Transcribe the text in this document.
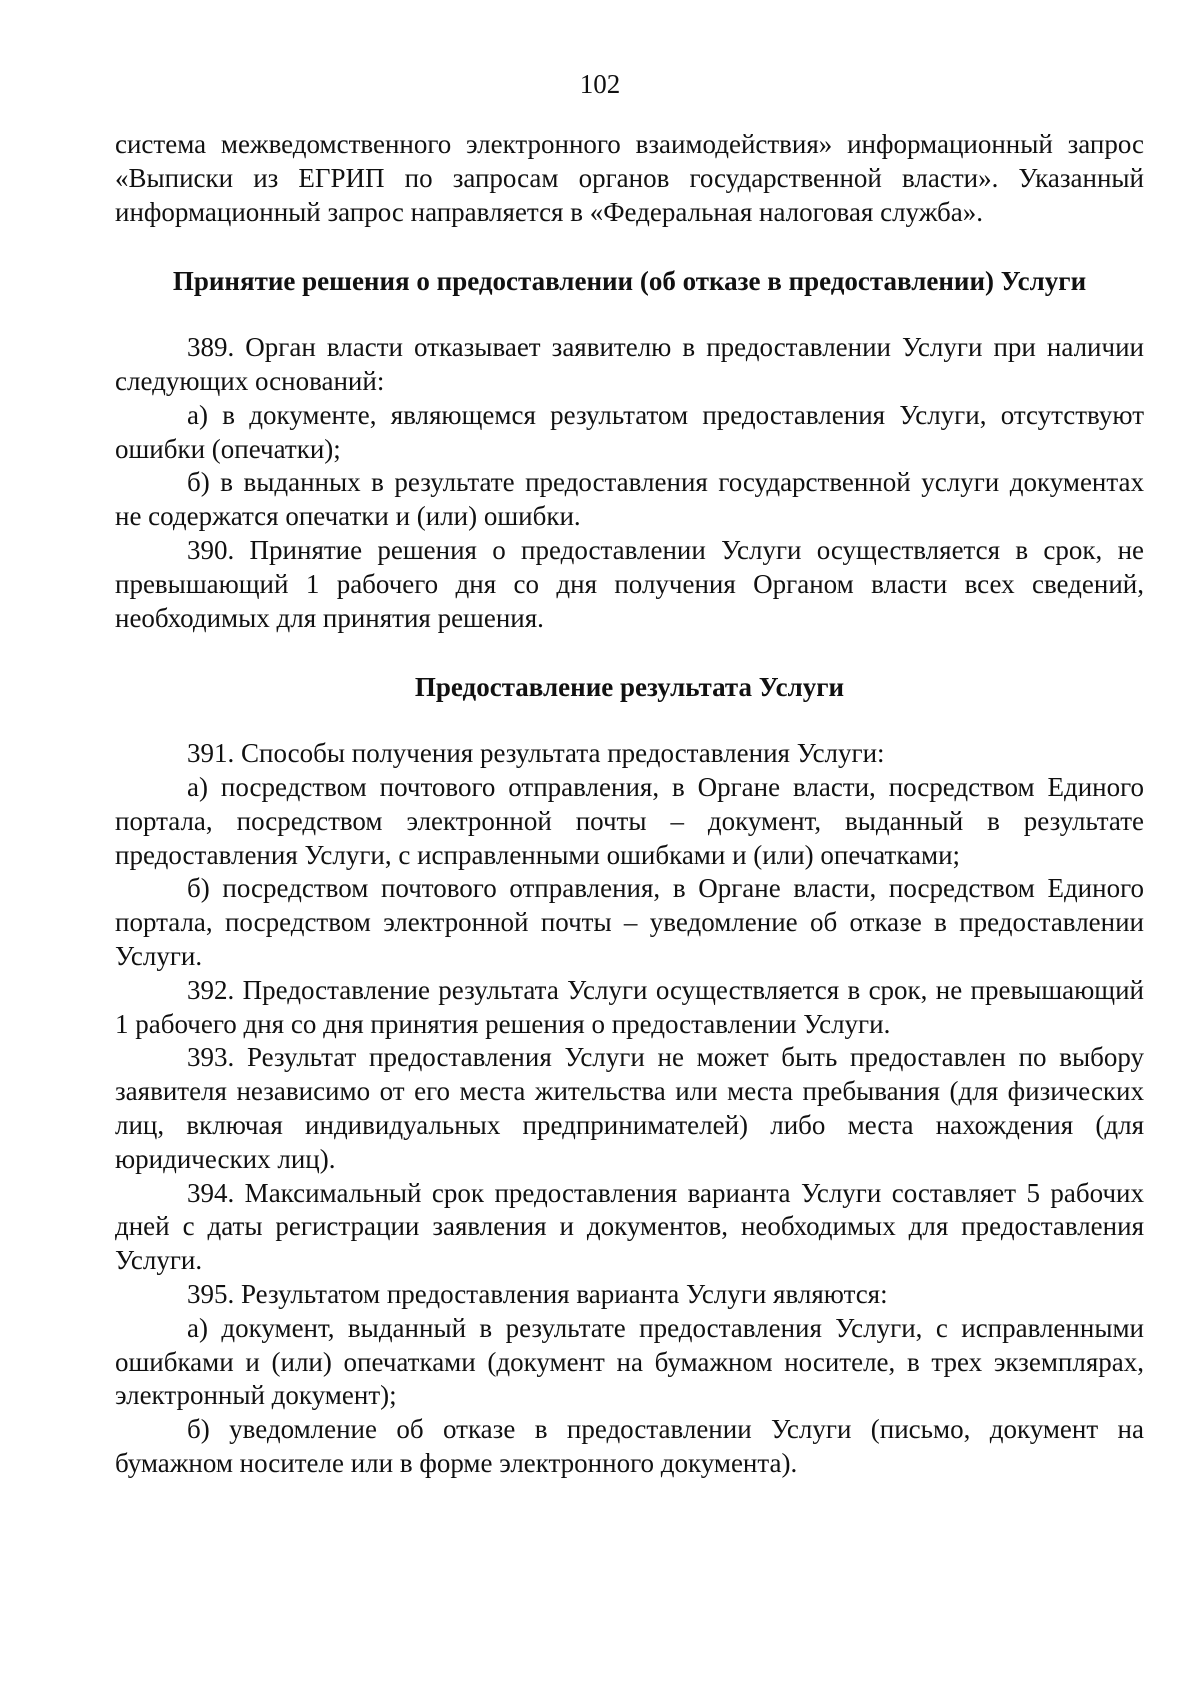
102

система межведомственного электронного взаимодействия» информационный запрос «Выписки из ЕГРИП по запросам органов государственной власти». Указанный информационный запрос направляется в «Федеральная налоговая служба».

Принятие решения о предоставлении (об отказе в предоставлении) Услуги

389. Орган власти отказывает заявителю в предоставлении Услуги при наличии следующих оснований:

а) в документе, являющемся результатом предоставления Услуги, отсутствуют ошибки (опечатки);

б) в выданных в результате предоставления государственной услуги документах не содержатся опечатки и (или) ошибки.

390. Принятие решения о предоставлении Услуги осуществляется в срок, не превышающий 1 рабочего дня со дня получения Органом власти всех сведений, необходимых для принятия решения.

Предоставление результата Услуги

391. Способы получения результата предоставления Услуги:

а) посредством почтового отправления, в Органе власти, посредством Единого портала, посредством электронной почты – документ, выданный в результате предоставления Услуги, с исправленными ошибками и (или) опечатками;

б) посредством почтового отправления, в Органе власти, посредством Единого портала, посредством электронной почты – уведомление об отказе в предоставлении Услуги.

392. Предоставление результата Услуги осуществляется в срок, не превышающий 1 рабочего дня со дня принятия решения о предоставлении Услуги.

393. Результат предоставления Услуги не может быть предоставлен по выбору заявителя независимо от его места жительства или места пребывания (для физических лиц, включая индивидуальных предпринимателей) либо места нахождения (для юридических лиц).

394. Максимальный срок предоставления варианта Услуги составляет 5 рабочих дней с даты регистрации заявления и документов, необходимых для предоставления Услуги.

395. Результатом предоставления варианта Услуги являются:

а) документ, выданный в результате предоставления Услуги, с исправленными ошибками и (или) опечатками (документ на бумажном носителе, в трех экземплярах, электронный документ);

б) уведомление об отказе в предоставлении Услуги (письмо, документ на бумажном носителе или в форме электронного документа).
